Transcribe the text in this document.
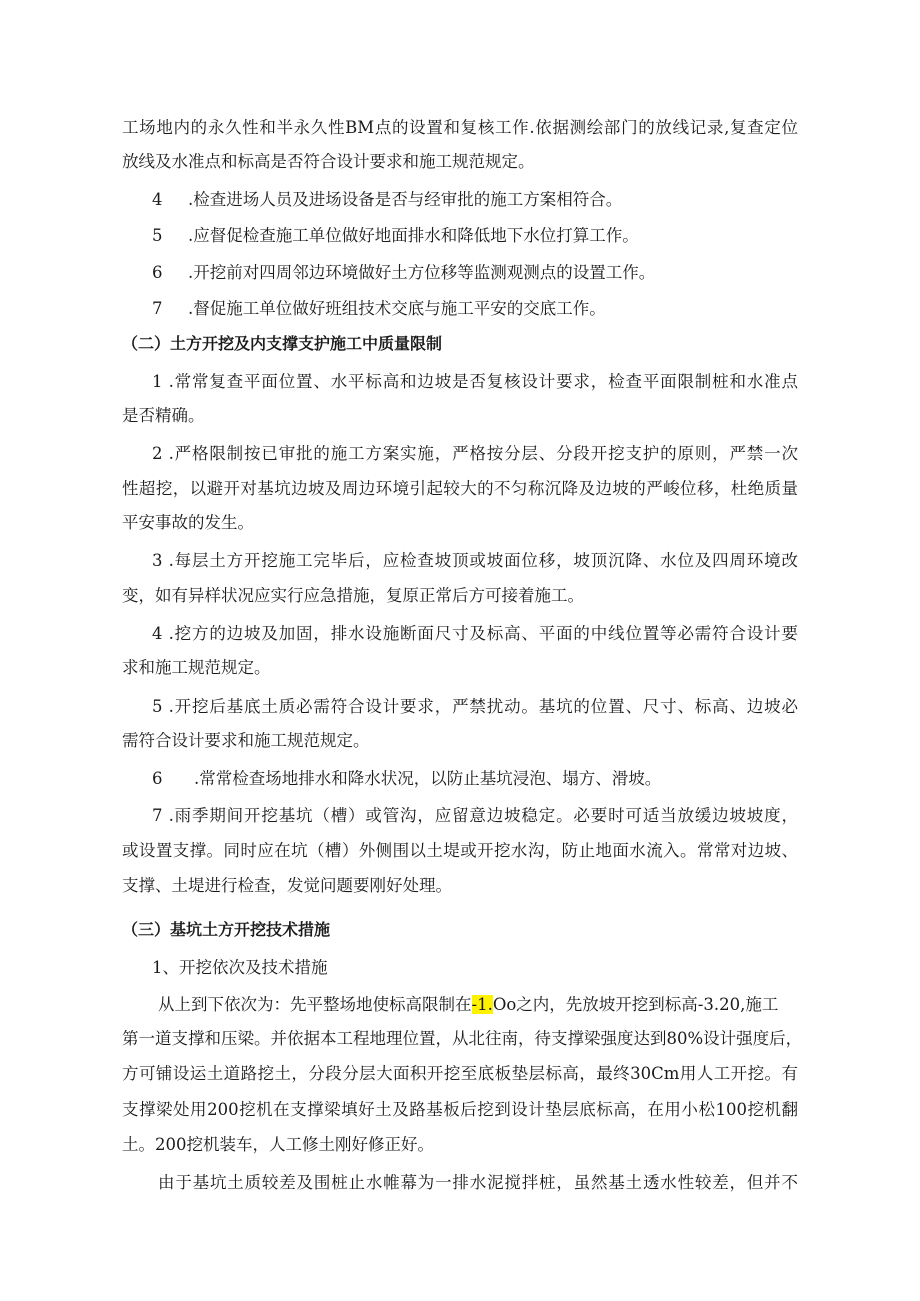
工场地内的永久性和半永久性BM点的设置和复核工作.依据测绘部门的放线记录,复查定位
放线及水准点和标高是否符合设计要求和施工规范规定。
4 .检查进场人员及进场设备是否与经审批的施工方案相符合。
5 .应督促检查施工单位做好地面排水和降低地下水位打算工作。
6 .开挖前对四周邻边环境做好土方位移等监测观测点的设置工作。
7 .督促施工单位做好班组技术交底与施工平安的交底工作。
（二）土方开挖及内支撑支护施工中质量限制
1 .常常复查平面位置、水平标高和边坡是否复核设计要求，检查平面限制桩和水准点
是否精确。
2 .严格限制按已审批的施工方案实施，严格按分层、分段开挖支护的原则，严禁一次
性超挖，以避开对基坑边坡及周边环境引起较大的不匀称沉降及边坡的严峻位移，杜绝质量
平安事故的发生。
3 .每层土方开挖施工完毕后，应检查坡顶或坡面位移，坡顶沉降、水位及四周环境改
变，如有异样状况应实行应急措施，复原正常后方可接着施工。
4 .挖方的边坡及加固，排水设施断面尺寸及标高、平面的中线位置等必需符合设计要
求和施工规范规定。
5 .开挖后基底土质必需符合设计要求，严禁扰动。基坑的位置、尺寸、标高、边坡必
需符合设计要求和施工规范规定。
6      .常常检查场地排水和降水状况，以防止基坑浸泡、塌方、滑坡。
7 .雨季期间开挖基坑（槽）或管沟，应留意边坡稳定。必要时可适当放缓边坡坡度，
或设置支撑。同时应在坑（槽）外侧围以土堤或开挖水沟，防止地面水流入。常常对边坡、
支撑、土堤进行检查，发觉问题要刚好处理。
（三）基坑土方开挖技术措施
1、开挖依次及技术措施
从上到下依次为：先平整场地使标高限制在-1.Oo之内，先放坡开挖到标高-3.20,施工
第一道支撑和压梁。并依据本工程地理位置，从北往南，待支撑梁强度达到80%设计强度后，
方可铺设运土道路挖土，分段分层大面积开挖至底板垫层标高，最终30Cm用人工开挖。有
支撑梁处用200挖机在支撑梁填好土及路基板后挖到设计垫层底标高，在用小松100挖机翻
土。200挖机装车，人工修土刚好修正好。
由于基坑土质较差及围桩止水帷幕为一排水泥搅拌桩，虽然基土透水性较差，但并不
